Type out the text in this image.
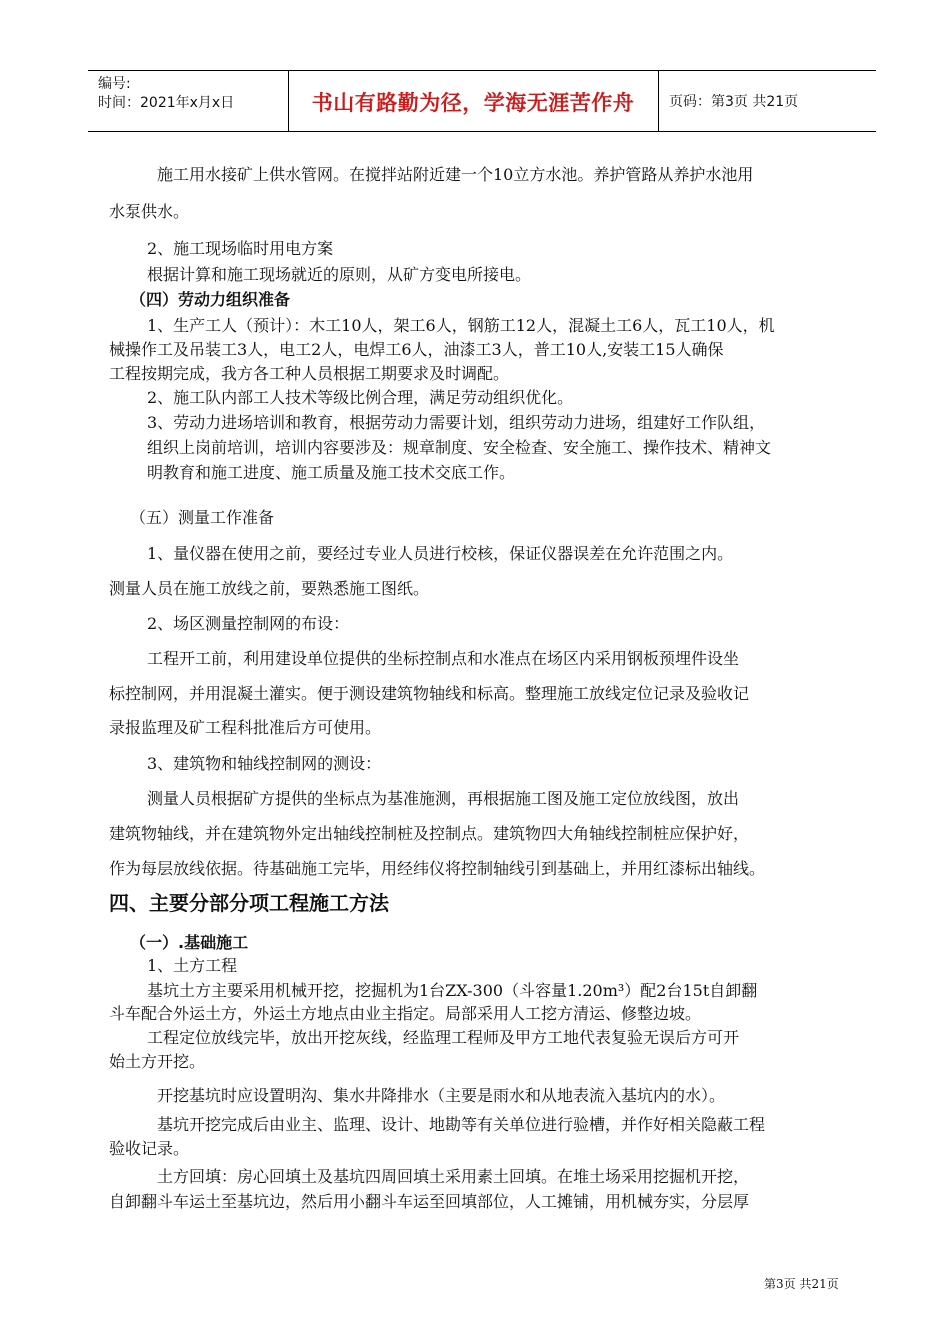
编号:
时间：2021年x月x日	书山有路勤为径，学海无涯苦作舟	页码：第3页 共21页
施工用水接矿上供水管网。在搅拌站附近建一个10立方水池。养护管路从养护水池用
水泵供水。
2、施工现场临时用电方案
根据计算和施工现场就近的原则，从矿方变电所接电。
（四）劳动力组织准备
1、生产工人（预计）：木工10人，架工6人，钢筋工12人，混凝土工6人，瓦工10人，机
械操作工及吊装工3人，电工2人，电焊工6人，油漆工3人，普工10人,安装工15人确保
工程按期完成，我方各工种人员根据工期要求及时调配。
2、施工队内部工人技术等级比例合理，满足劳动组织优化。
3、劳动力进场培训和教育，根据劳动力需要计划，组织劳动力进场，组建好工作队组，
组织上岗前培训，培训内容要涉及：规章制度、安全检查、安全施工、操作技术、精神文
明教育和施工进度、施工质量及施工技术交底工作。
（五）测量工作准备
1、量仪器在使用之前，要经过专业人员进行校核，保证仪器误差在允许范围之内。
测量人员在施工放线之前，要熟悉施工图纸。
2、场区测量控制网的布设：
工程开工前，利用建设单位提供的坐标控制点和水准点在场区内采用钢板预埋件设坐
标控制网，并用混凝土灌实。便于测设建筑物轴线和标高。整理施工放线定位记录及验收记
录报监理及矿工程科批准后方可使用。
3、建筑物和轴线控制网的测设：
测量人员根据矿方提供的坐标点为基准施测，再根据施工图及施工定位放线图，放出
建筑物轴线，并在建筑物外定出轴线控制桩及控制点。建筑物四大角轴线控制桩应保护好，
作为每层放线依据。待基础施工完毕，用经纬仪将控制轴线引到基础上，并用红漆标出轴线。
四、主要分部分项工程施工方法
（一）.基础施工
1、土方工程
基坑土方主要采用机械开挖，挖掘机为1台ZX-300（斗容量1.20m³）配2台15t自卸翻
斗车配合外运土方，外运土方地点由业主指定。局部采用人工挖方清运、修整边坡。
工程定位放线完毕，放出开挖灰线，经监理工程师及甲方工地代表复验无误后方可开
始土方开挖。
开挖基坑时应设置明沟、集水井降排水（主要是雨水和从地表流入基坑内的水）。
基坑开挖完成后由业主、监理、设计、地勘等有关单位进行验槽，并作好相关隐蔽工程
验收记录。
土方回填：房心回填土及基坑四周回填土采用素土回填。在堆土场采用挖掘机开挖，
自卸翻斗车运土至基坑边，然后用小翻斗车运至回填部位，人工摊铺，用机械夯实，分层厚
第3页 共21页
